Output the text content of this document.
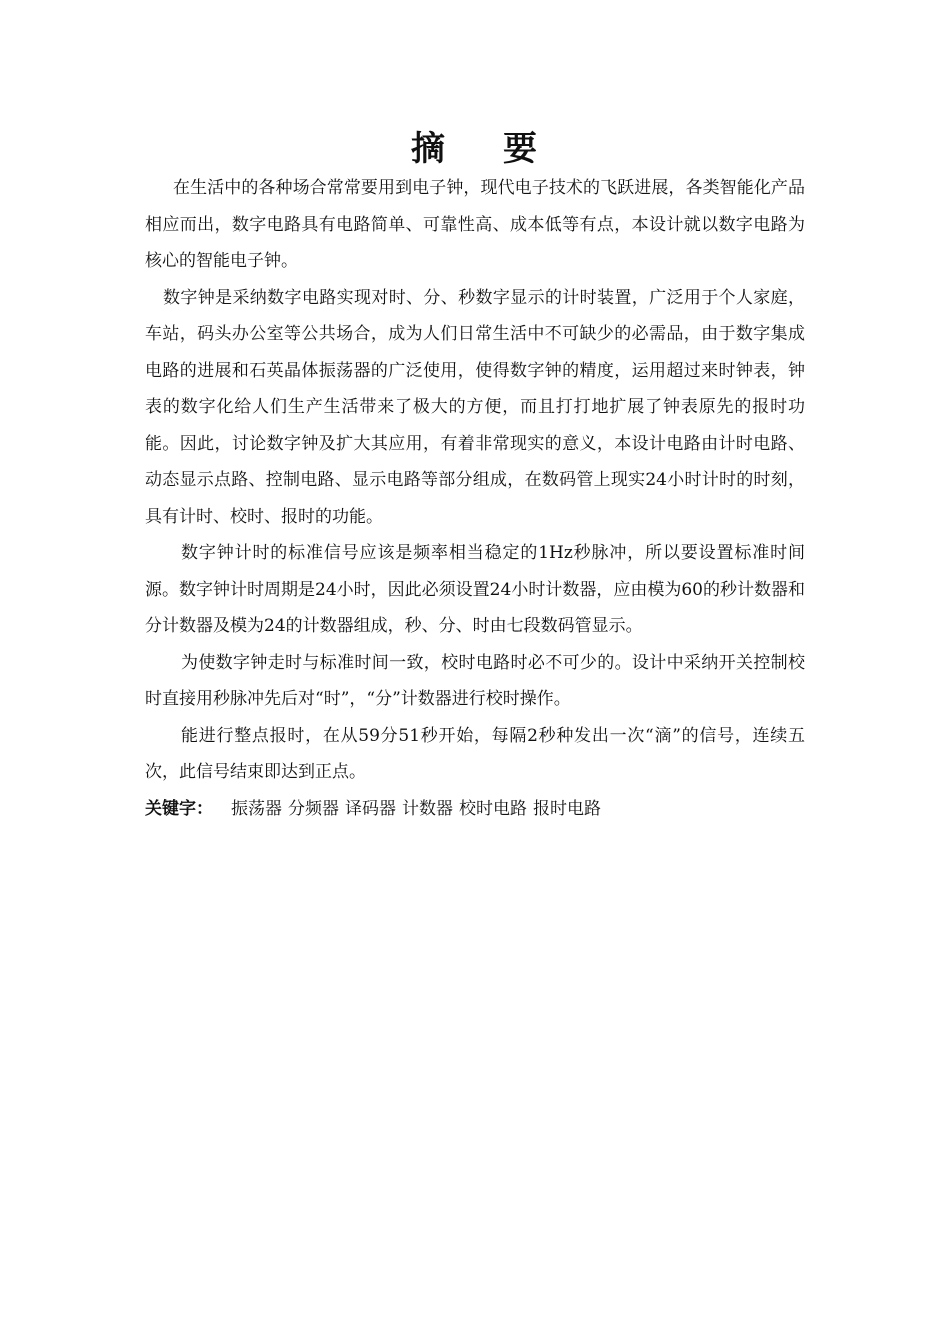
摘 要

在生活中的各种场合常常要用到电子钟，现代电子技术的飞跃进展，各类智能化产品相应而出，数字电路具有电路简单、可靠性高、成本低等有点，本设计就以数字电路为核心的智能电子钟。

数字钟是采纳数字电路实现对时、分、秒数字显示的计时装置，广泛用于个人家庭，车站，码头办公室等公共场合，成为人们日常生活中不可缺少的必需品，由于数字集成电路的进展和石英晶体振荡器的广泛使用，使得数字钟的精度，运用超过来时钟表，钟表的数字化给人们生产生活带来了极大的方便，而且打打地扩展了钟表原先的报时功能。因此，讨论数字钟及扩大其应用，有着非常现实的意义，本设计电路由计时电路、动态显示点路、控制电路、显示电路等部分组成，在数码管上现实24小时计时的时刻，具有计时、校时、报时的功能。

数字钟计时的标准信号应该是频率相当稳定的1Hz秒脉冲，所以要设置标准时间源。数字钟计时周期是24小时，因此必须设置24小时计数器，应由模为60的秒计数器和分计数器及模为24的计数器组成，秒、分、时由七段数码管显示。

为使数字钟走时与标准时间一致，校时电路时必不可少的。设计中采纳开关控制校时直接用秒脉冲先后对“时”，“分”计数器进行校时操作。

能进行整点报时，在从59分51秒开始，每隔2秒种发出一次“滴”的信号，连续五次，此信号结束即达到正点。

关键字： 振荡器 分频器 译码器 计数器 校时电路 报时电路
